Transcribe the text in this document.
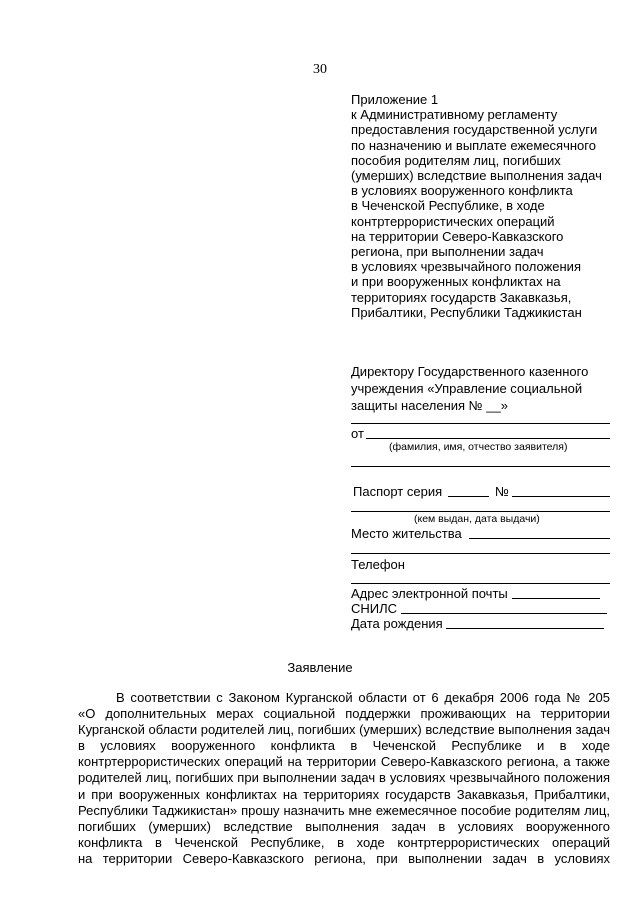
30
Приложение 1
к Административному регламенту
предоставления государственной услуги
по назначению и выплате ежемесячного
пособия родителям лиц, погибших
(умерших) вследствие выполнения задач
в условиях вооруженного конфликта
в Чеченской Республике, в ходе
контртеррористических операций
на территории Северо-Кавказского
региона, при выполнении задач
в условиях чрезвычайного положения
и при вооруженных конфликтах на
территориях государств Закавказья,
Прибалтики, Республики Таджикистан
Директору Государственного казенного
учреждения «Управление социальной
защиты населения № __»
от
(фамилия, имя, отчество заявителя)
Паспорт серия	№
(кем выдан, дата выдачи)
Место жительства
Телефон
Адрес электронной почты
СНИЛС
Дата рождения
Заявление
В соответствии с Законом Курганской области от 6 декабря 2006 года № 205
«О дополнительных мерах социальной поддержки проживающих на территории
Курганской области родителей лиц, погибших (умерших) вследствие выполнения задач
в условиях вооруженного конфликта в Чеченской Республике и в ходе
контртеррористических операций на территории Северо-Кавказского региона, а также
родителей лиц, погибших при выполнении задач в условиях чрезвычайного положения
и при вооруженных конфликтах на территориях государств Закавказья, Прибалтики,
Республики Таджикистан» прошу назначить мне ежемесячное пособие родителям лиц,
погибших (умерших) вследствие выполнения задач в условиях вооруженного
конфликта в Чеченской Республике, в ходе контртеррористических операций
на территории Северо-Кавказского региона, при выполнении задач в условиях
